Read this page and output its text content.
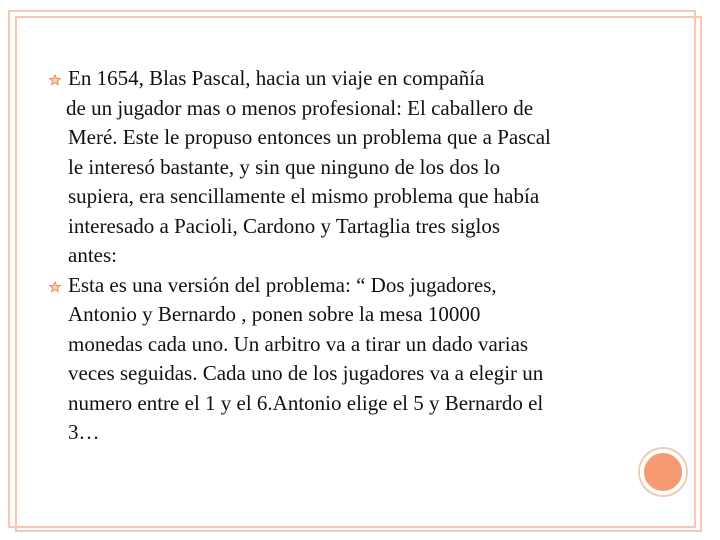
En 1654, Blas Pascal, hacia un viaje en compañía
de un jugador mas o menos profesional: El caballero de
Meré. Este le propuso entonces un problema que a Pascal
le interesó bastante, y sin que ninguno de los dos lo
supiera, era sencillamente el mismo problema que había
interesado a Pacioli, Cardono y Tartaglia tres siglos
antes:
Esta es una versión del problema: “ Dos jugadores,
Antonio y Bernardo , ponen sobre la mesa 10000
monedas cada uno. Un arbitro va a tirar un dado varias
veces seguidas. Cada uno de los jugadores va a elegir un
numero entre el 1 y el 6.Antonio elige el 5 y Bernardo el
3…
